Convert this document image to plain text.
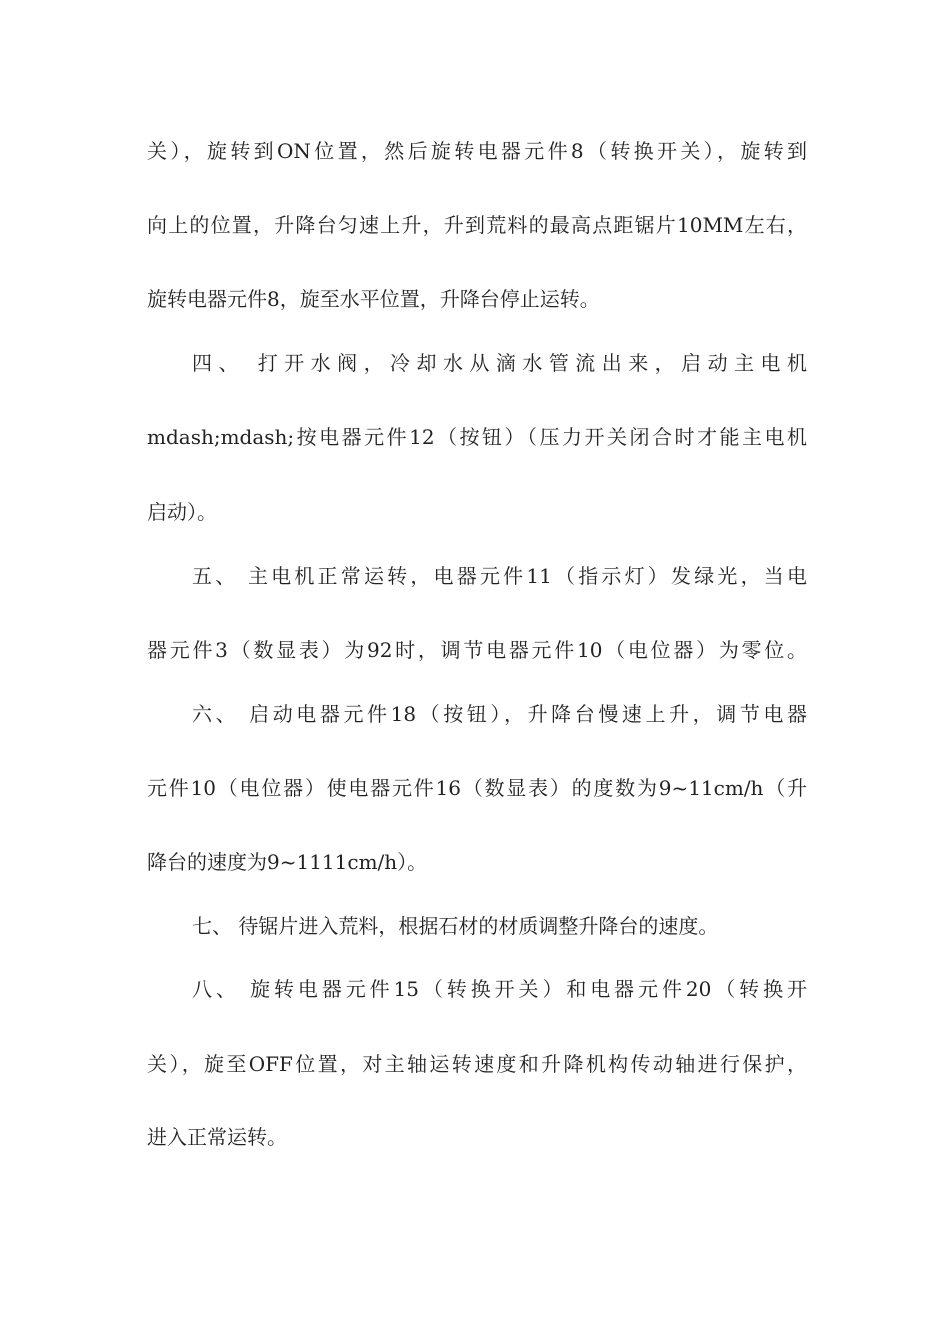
关），旋转到ON位置，然后旋转电器元件8（转换开关），旋转到

向上的位置，升降台匀速上升，升到荒料的最高点距锯片10MM左右，

旋转电器元件8，旋至水平位置，升降台停止运转。

四、 打开水阀，冷却水从滴水管流出来，启动主电机

mdash;mdash;按电器元件12（按钮）（压力开关闭合时才能主电机

启动）。

五、 主电机正常运转，电器元件11（指示灯）发绿光，当电

器元件3（数显表）为92时，调节电器元件10（电位器）为零位。

六、 启动电器元件18（按钮），升降台慢速上升，调节电器

元件10（电位器）使电器元件16（数显表）的度数为9~11cm/h（升

降台的速度为9~1111cm/h）。

七、 待锯片进入荒料，根据石材的材质调整升降台的速度。

八、 旋转电器元件15（转换开关）和电器元件20（转换开

关），旋至OFF位置，对主轴运转速度和升降机构传动轴进行保护，

进入正常运转。
